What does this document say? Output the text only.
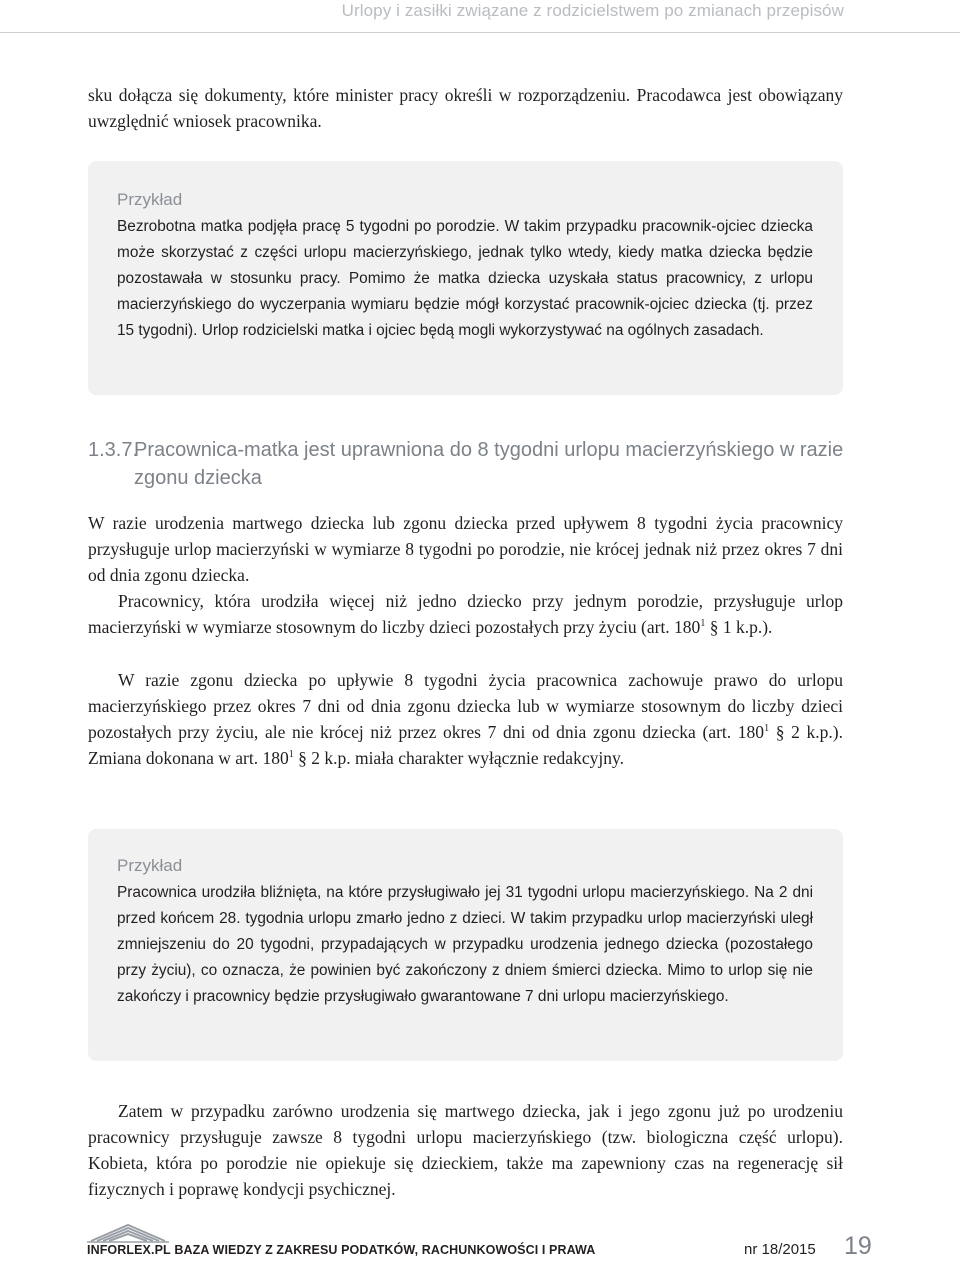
Urlopy i zasiłki związane z rodzicielstwem po zmianach przepisów

sku dołącza się dokumenty, które minister pracy określi w rozporządzeniu. Pracodawca jest obowiązany uwzględnić wniosek pracownika.

Przykład
Bezrobotna matka podjęła pracę 5 tygodni po porodzie. W takim przypadku pracownik-ojciec dziecka może skorzystać z części urlopu macierzyńskiego, jednak tylko wtedy, kiedy matka dziecka będzie pozostawała w stosunku pracy. Pomimo że matka dziecka uzyskała status pracownicy, z urlopu macierzyńskiego do wyczerpania wymiaru będzie mógł korzystać pracownik-ojciec dziecka (tj. przez 15 tygodni). Urlop rodzicielski matka i ojciec będą mogli wykorzystywać na ogólnych zasadach.
1.3.7.
Pracownica-matka jest uprawniona do 8 tygodni urlopu macierzyńskiego w razie zgonu dziecka

W razie urodzenia martwego dziecka lub zgonu dziecka przed upływem 8 tygodni życia pracownicy przysługuje urlop macierzyński w wymiarze 8 tygodni po porodzie, nie krócej jednak niż przez okres 7 dni od dnia zgonu dziecka.

Pracownicy, która urodziła więcej niż jedno dziecko przy jednym porodzie, przysługuje urlop macierzyński w wymiarze stosownym do liczby dzieci pozostałych przy życiu (art. $180^1$ § 1 k.p.).

W razie zgonu dziecka po upływie 8 tygodni życia pracownica zachowuje prawo do urlopu macierzyńskiego przez okres 7 dni od dnia zgonu dziecka lub w wymiarze stosownym do liczby dzieci pozostałych przy życiu, ale nie krócej niż przez okres 7 dni od dnia zgonu dziecka (art. $180^1$ § 2 k.p.). Zmiana dokonana w art. $180^1$ § 2 k.p. miała charakter wyłącznie redakcyjny.

Przykład
Pracownica urodziła bliźnięta, na które przysługiwało jej 31 tygodni urlopu macierzyńskiego. Na 2 dni przed końcem 28. tygodnia urlopu zmarło jedno z dzieci. W takim przypadku urlop macierzyński uległ zmniejszeniu do 20 tygodni, przypadających w przypadku urodzenia jednego dziecka (pozostałego przy życiu), co oznacza, że powinien być zakończony z dniem śmierci dziecka. Mimo to urlop się nie zakończy i pracownicy będzie przysługiwało gwarantowane 7 dni urlopu macierzyńskiego.

Zatem w przypadku zarówno urodzenia się martwego dziecka, jak i jego zgonu już po urodzeniu pracownicy przysługuje zawsze 8 tygodni urlopu macierzyńskiego (tzw. biologiczna część urlopu). Kobieta, która po porodzie nie opiekuje się dzieckiem, także ma zapewniony czas na regenerację sił fizycznych i poprawę kondycji psychicznej.

INFORLEX.PL BAZA WIEDZY Z ZAKRESU PODATKÓW, RACHUNKOWOŚCI I PRAWA	nr 18/2015 19
